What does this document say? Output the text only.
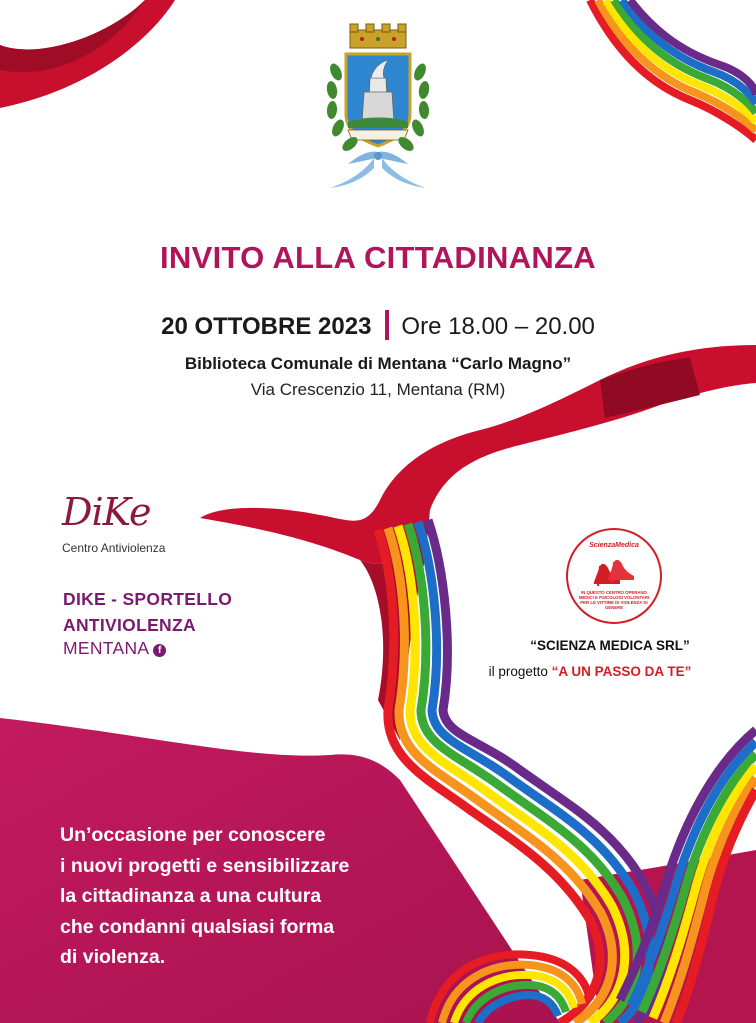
INVITO ALLA CITTADINANZA
20 OTTOBRE 2023 Ore 18.00 – 20.00
Biblioteca Comunale di Mentana “Carlo Magno”
Via Crescenzio 11, Mentana (RM)
DiKe
Centro Antiviolenza
DIKE - SPORTELLO
ANTIVIOLENZA
MENTANA f
ScienzaMedica
IN QUESTO CENTRO OPERANO MEDICI E PSICOLOGI VOLONTARI PER LE VITTIME DI VIOLENZA DI GENERE
“SCIENZA MEDICA SRL”
il progetto “A UN PASSO DA TE”
Un’occasione per conoscere
i nuovi progetti e sensibilizzare
la cittadinanza a una cultura
che condanni qualsiasi forma
di violenza.
